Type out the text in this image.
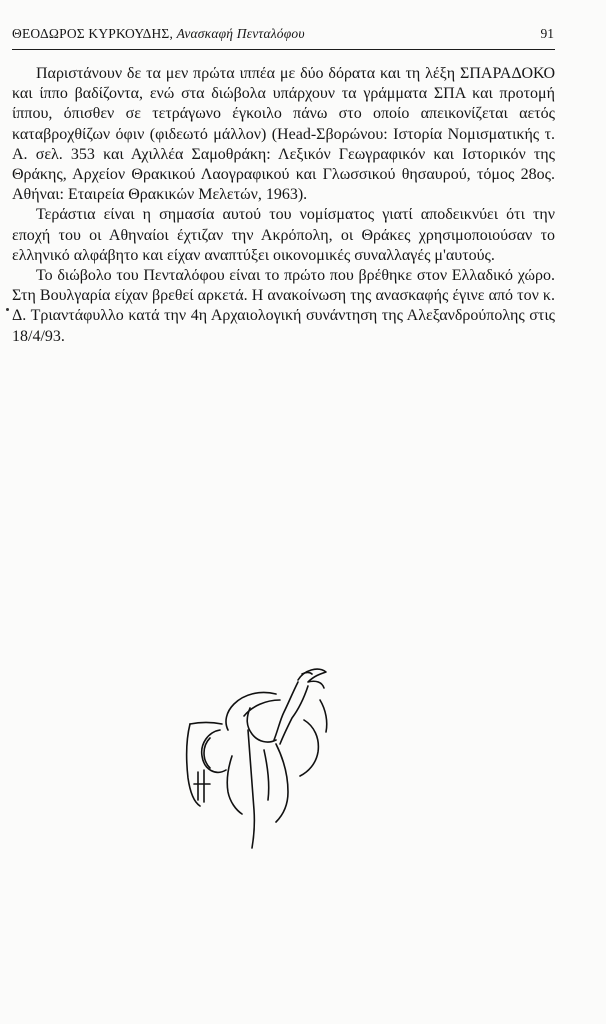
ΘΕΟΔΩΡΟΣ ΚΥΡΚΟΥΔΗΣ, Ανασκαφή Πενταλόφου	91

Παριστάνουν δε τα μεν πρώτα ιππέα με δύο δόρατα και τη λέξη ΣΠΑΡΑΔΟΚΟ και ίππο βαδίζοντα, ενώ στα διώβολα υπάρχουν τα γράμματα ΣΠΑ και προτομή ίππου, όπισθεν σε τετράγωνο έγκοιλο πάνω στο οποίο απεικονίζεται αετός καταβροχθίζων όφιν (φιδεωτό μάλλον) (Head-Σβορώνου: Ιστορία Νομισματικής τ. Α. σελ. 353 και Αχιλλέα Σαμοθράκη: Λεξικόν Γεωγραφικόν και Ιστορικόν της Θράκης, Αρχείον Θρακικού Λαογραφικού και Γλωσσικού θησαυρού, τόμος 28ος. Αθήναι: Εταιρεία Θρακικών Μελετών, 1963).

Τεράστια είναι η σημασία αυτού του νομίσματος γιατί αποδεικνύει ότι την εποχή του οι Αθηναίοι έχτιζαν την Ακρόπολη, οι Θράκες χρησιμοποιούσαν το ελληνικό αλφάβητο και είχαν αναπτύξει οικονομικές συναλλαγές μ'αυτούς.

Το διώβολο του Πενταλόφου είναι το πρώτο που βρέθηκε στον Ελλαδικό χώρο. Στη Βουλγαρία είχαν βρεθεί αρκετά. Η ανακοίνωση της ανασκαφής έγινε από τον κ. Δ. Τριαντάφυλλο κατά την 4η Αρχαιολογική συνάντηση της Αλεξανδρούπολης στις 18/4/93.
